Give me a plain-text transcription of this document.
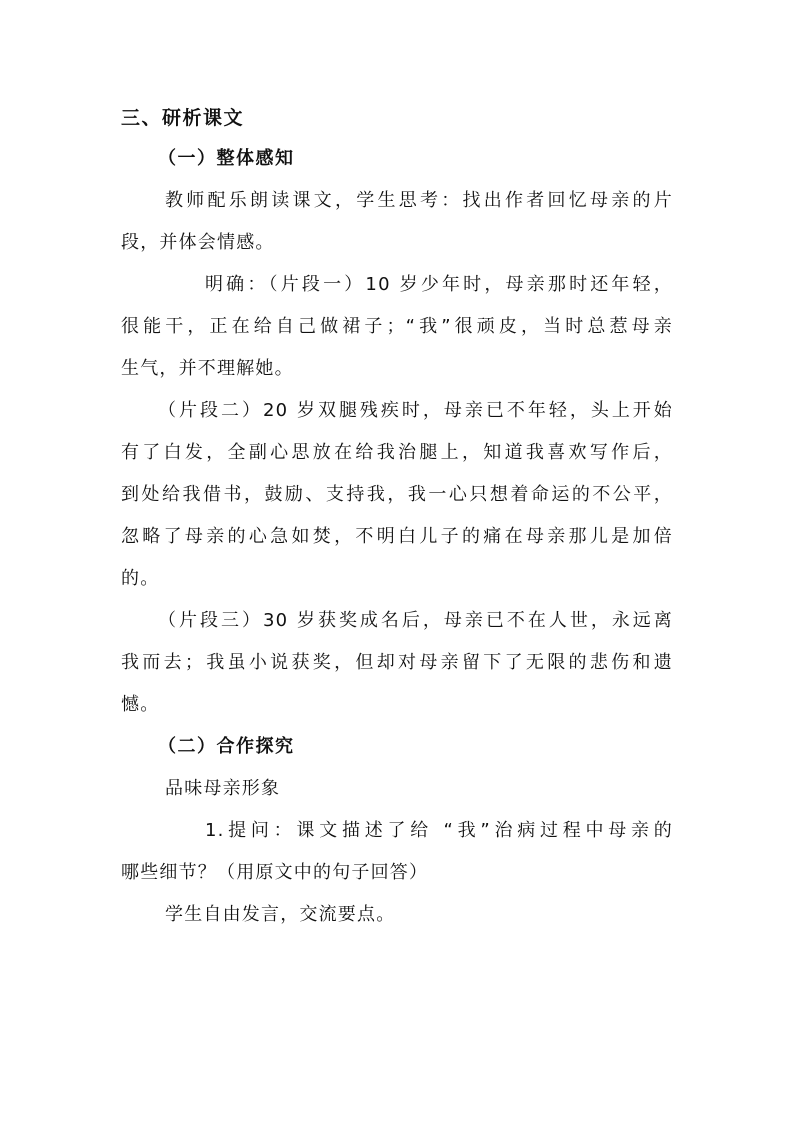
三、研析课文
（一）整体感知
教师配乐朗读课文，学生思考：找出作者回忆母亲的片
段，并体会情感。
明确：（片段一）10 岁少年时，母亲那时还年轻，
很能干，正在给自己做裙子；“我”很顽皮，当时总惹母亲
生气，并不理解她。
（片段二）20 岁双腿残疾时，母亲已不年轻，头上开始
有了白发，全副心思放在给我治腿上，知道我喜欢写作后，
到处给我借书，鼓励、支持我，我一心只想着命运的不公平，
忽略了母亲的心急如焚，不明白儿子的痛在母亲那儿是加倍
的。
（片段三）30 岁获奖成名后，母亲已不在人世，永远离
我而去；我虽小说获奖，但却对母亲留下了无限的悲伤和遗
憾。
（二）合作探究
品味母亲形象
1.提问：课文描述了给 “我”治病过程中母亲的
哪些细节？（用原文中的句子回答）
学生自由发言，交流要点。
